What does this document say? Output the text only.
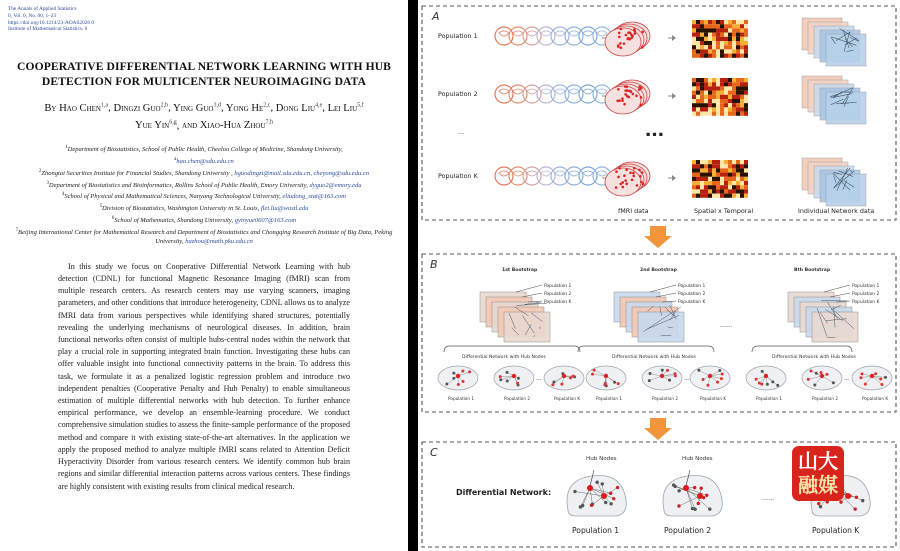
The Annals of Applied Statistics
0, Vol. 0, No. 00, 1–23
https://doi.org/10.1214/23-AOAS2026 0
Institute of Mathematical Statistics, 0
COOPERATIVE DIFFERENTIAL NETWORK LEARNING WITH HUB
DETECTION FOR MULTICENTER NEUROIMAGING DATA
By Hao Chen$^{1,a}$, Dingzi Guo$^{2,b}$, Ying Guo$^{3,d}$, Yong He$^{2,c}$, Dong Liu$^{4,e}$, Lei Liu$^{5,f}$
Yue Yin$^{6,g}$, and Xiao-Hua Zhou$^{7,h}$
$^1$Department of Biostatistics, School of Public Health, Cheeloo College of Medicine, Shandong University,
$^a$hao.chen@sdu.edu.cn
$^2$Zhongtai Securities Institute for Financial Studies, Shandong University , bguodingzi@mail.sdu.edu.cn, cheyong@sdu.edu.cn
$^3$Department of Biostatistics and Bioinformatics, Rollins School of Public Health, Emory University, dyguo2@emory.edu
$^4$School of Physical and Mathematical Sciences, Nanyang Technological University, eliudong_stat@163.com
$^5$Division of Biostatistics, Washington University in St. Louis, flei.liu@wustl.edu
$^6$School of Mathematics, Shandong University, gyinyue0607@163.com
$^7$Beijing International Center for Mathematical Research and Department of Biostatistics and Chongqing Research Institute of Big Data, Peking University, hazhou@math.pku.edu.cn

In this study we focus on Cooperative Differential Network Learning with hub detection (CDNL) for functional Magnetic Resonance Imaging (fMRI) scan from multiple research centers. As research centers may use varying scanners, imaging parameters, and other conditions that introduce heterogeneity, CDNL allows us to analyze fMRI data from various perspectives while identifying shared structures, potentially revealing the underlying mechanisms of neurological diseases. In addition, brain functional networks often consist of multiple hubs-central nodes within the network that play a crucial role in supporting integrated brain function. Investigating these hubs can offer valuable insight into functional connectivity patterns in the brain. To address this task, we formulate it as a penalized logistic regression problem and introduce two independent penalties (Cooperative Penalty and Hub Penalty) to enable simultaneous estimation of multiple differential networks with hub detection. To further enhance empirical performance, we develop an ensemble-learning procedure. We conduct comprehensive simulation studies to assess the finite-sample performance of the proposed method and compare it with existing state-of-the-art alternatives. In the application we apply the proposed method to analyze multiple fMRI scans related to Attention Deficit Hyperactivity Disorder from various research centers. We identify common hub brain regions and similar differential interaction patterns across various centers. These findings are highly consistent with existing results from clinical medical research.

Population 1
Population 2
Population K
Population 1
Population 2
Population K
Population 1
Population 2
Population K
Population 1	Population 2
...
Population K	Population 1	Population 2
...
Population K	Population 1	Population 2
...
Population K
A
Population 1
Population 2
...	▪ ▪ ▪
Population K
fMRI data	Spatial x Temporal	Individual Network data
B	1st Bootstrap	2nd Bootstrap	Bth Bootstrap
......
Differential Network with Hub Nodes	Differential Network with Hub Nodes	Differential Network with Hub Nodes
C
Differential Network:
Hub Nodes	Hub Nodes
......
Population 1	Population 2	Population K
山大
融媒
